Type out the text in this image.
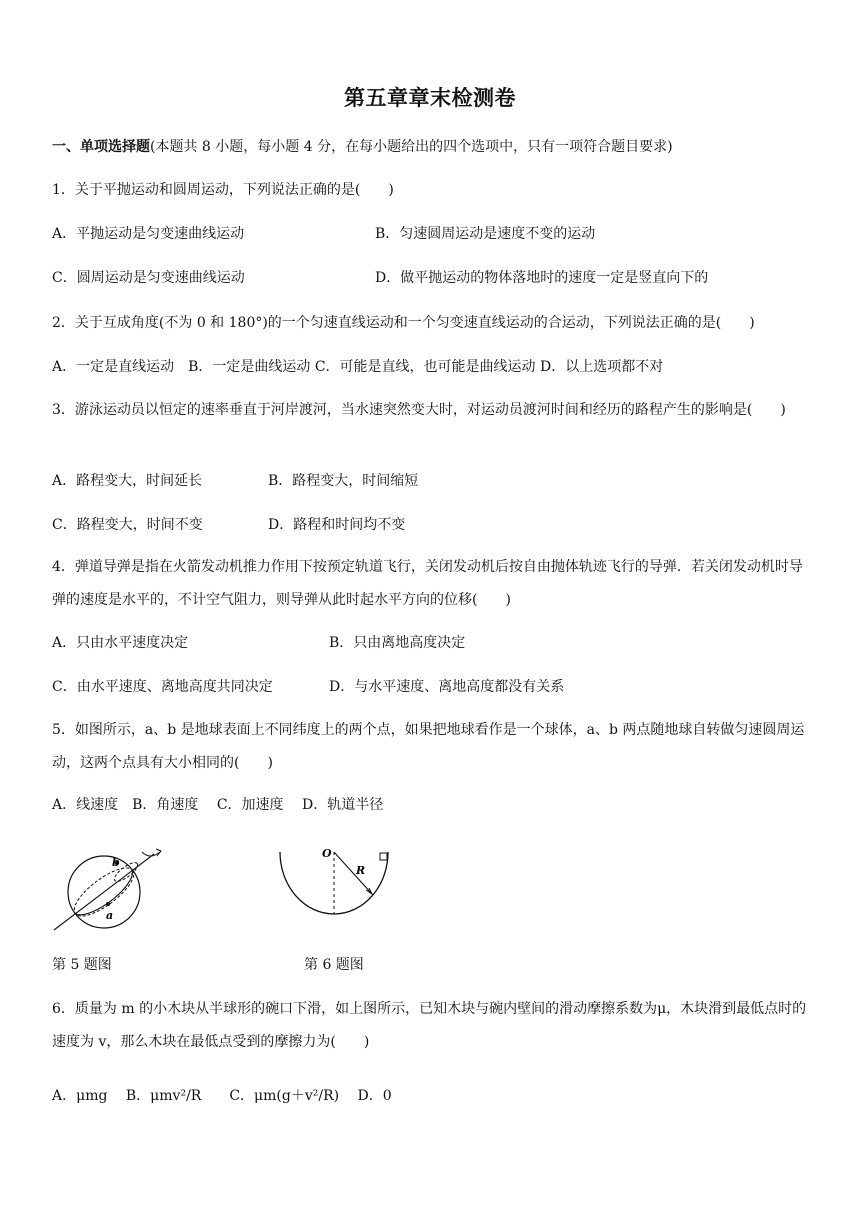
第五章章末检测卷
一、单项选择题(本题共 8 小题，每小题 4 分，在每小题给出的四个选项中，只有一项符合题目要求)
1．关于平抛运动和圆周运动，下列说法正确的是(　　)
A．平抛运动是匀变速曲线运动	B．匀速圆周运动是速度不变的运动
C．圆周运动是匀变速曲线运动	D．做平抛运动的物体落地时的速度一定是竖直向下的
2．关于互成角度(不为 0 和 180°)的一个匀速直线运动和一个匀变速直线运动的合运动，下列说法正确的是(　　)
A．一定是直线运动　B．一定是曲线运动 C．可能是直线，也可能是曲线运动 D．以上选项都不对
3．游泳运动员以恒定的速率垂直于河岸渡河，当水速突然变大时，对运动员渡河时间和经历的路程产生的影响是(　　)
A．路程变大，时间延长	B．路程变大，时间缩短
C．路程变大，时间不变	D．路程和时间均不变
4．弹道导弹是指在火箭发动机推力作用下按预定轨道飞行，关闭发动机后按自由抛体轨迹飞行的导弹．若关闭发动机时导弹的速度是水平的，不计空气阻力，则导弹从此时起水平方向的位移(　　)
A．只由水平速度决定	B．只由离地高度决定
C．由水平速度、离地高度共同决定	D．与水平速度、离地高度都没有关系
5．如图所示，a、b 是地球表面上不同纬度上的两个点，如果把地球看作是一个球体，a、b 两点随地球自转做匀速圆周运动，这两个点具有大小相同的(　　)
A．线速度　B．角速度　 C．加速度　 D．轨道半径
b
a
O
R
第 5 题图	第 6 题图
6．质量为 m 的小木块从半球形的碗口下滑，如上图所示，已知木块与碗内壁间的滑动摩擦系数为μ，木块滑到最低点时的速度为 v，那么木块在最低点受到的摩擦力为(　　)
A．μmg　 B．μmv²/R　　C．μm(g＋v²/R)　 D．0
